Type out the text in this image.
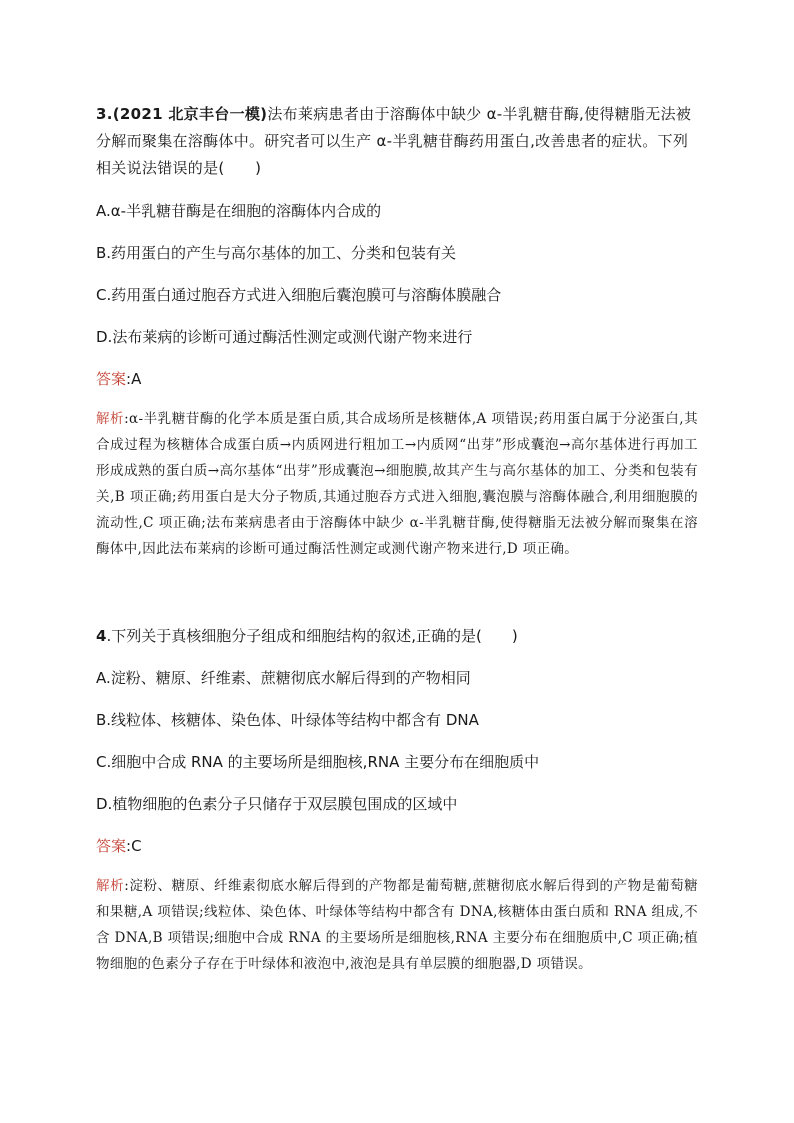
3.(2021 北京丰台一模)法布莱病患者由于溶酶体中缺少 α-半乳糖苷酶,使得糖脂无法被分解而聚集在溶酶体中。研究者可以生产 α-半乳糖苷酶药用蛋白,改善患者的症状。下列相关说法错误的是(　　)
A.α-半乳糖苷酶是在细胞的溶酶体内合成的
B.药用蛋白的产生与高尔基体的加工、分类和包装有关
C.药用蛋白通过胞吞方式进入细胞后囊泡膜可与溶酶体膜融合
D.法布莱病的诊断可通过酶活性测定或测代谢产物来进行
答案:A
解析:α-半乳糖苷酶的化学本质是蛋白质,其合成场所是核糖体,A 项错误;药用蛋白属于分泌蛋白,其合成过程为核糖体合成蛋白质→内质网进行粗加工→内质网“出芽”形成囊泡→高尔基体进行再加工形成成熟的蛋白质→高尔基体“出芽”形成囊泡→细胞膜,故其产生与高尔基体的加工、分类和包装有关,B 项正确;药用蛋白是大分子物质,其通过胞吞方式进入细胞,囊泡膜与溶酶体融合,利用细胞膜的流动性,C 项正确;法布莱病患者由于溶酶体中缺少 α-半乳糖苷酶,使得糖脂无法被分解而聚集在溶酶体中,因此法布莱病的诊断可通过酶活性测定或测代谢产物来进行,D 项正确。
4.下列关于真核细胞分子组成和细胞结构的叙述,正确的是(　　)
A.淀粉、糖原、纤维素、蔗糖彻底水解后得到的产物相同
B.线粒体、核糖体、染色体、叶绿体等结构中都含有 DNA
C.细胞中合成 RNA 的主要场所是细胞核,RNA 主要分布在细胞质中
D.植物细胞的色素分子只储存于双层膜包围成的区域中
答案:C
解析:淀粉、糖原、纤维素彻底水解后得到的产物都是葡萄糖,蔗糖彻底水解后得到的产物是葡萄糖和果糖,A 项错误;线粒体、染色体、叶绿体等结构中都含有 DNA,核糖体由蛋白质和 RNA 组成,不含 DNA,B 项错误;细胞中合成 RNA 的主要场所是细胞核,RNA 主要分布在细胞质中,C 项正确;植物细胞的色素分子存在于叶绿体和液泡中,液泡是具有单层膜的细胞器,D 项错误。
